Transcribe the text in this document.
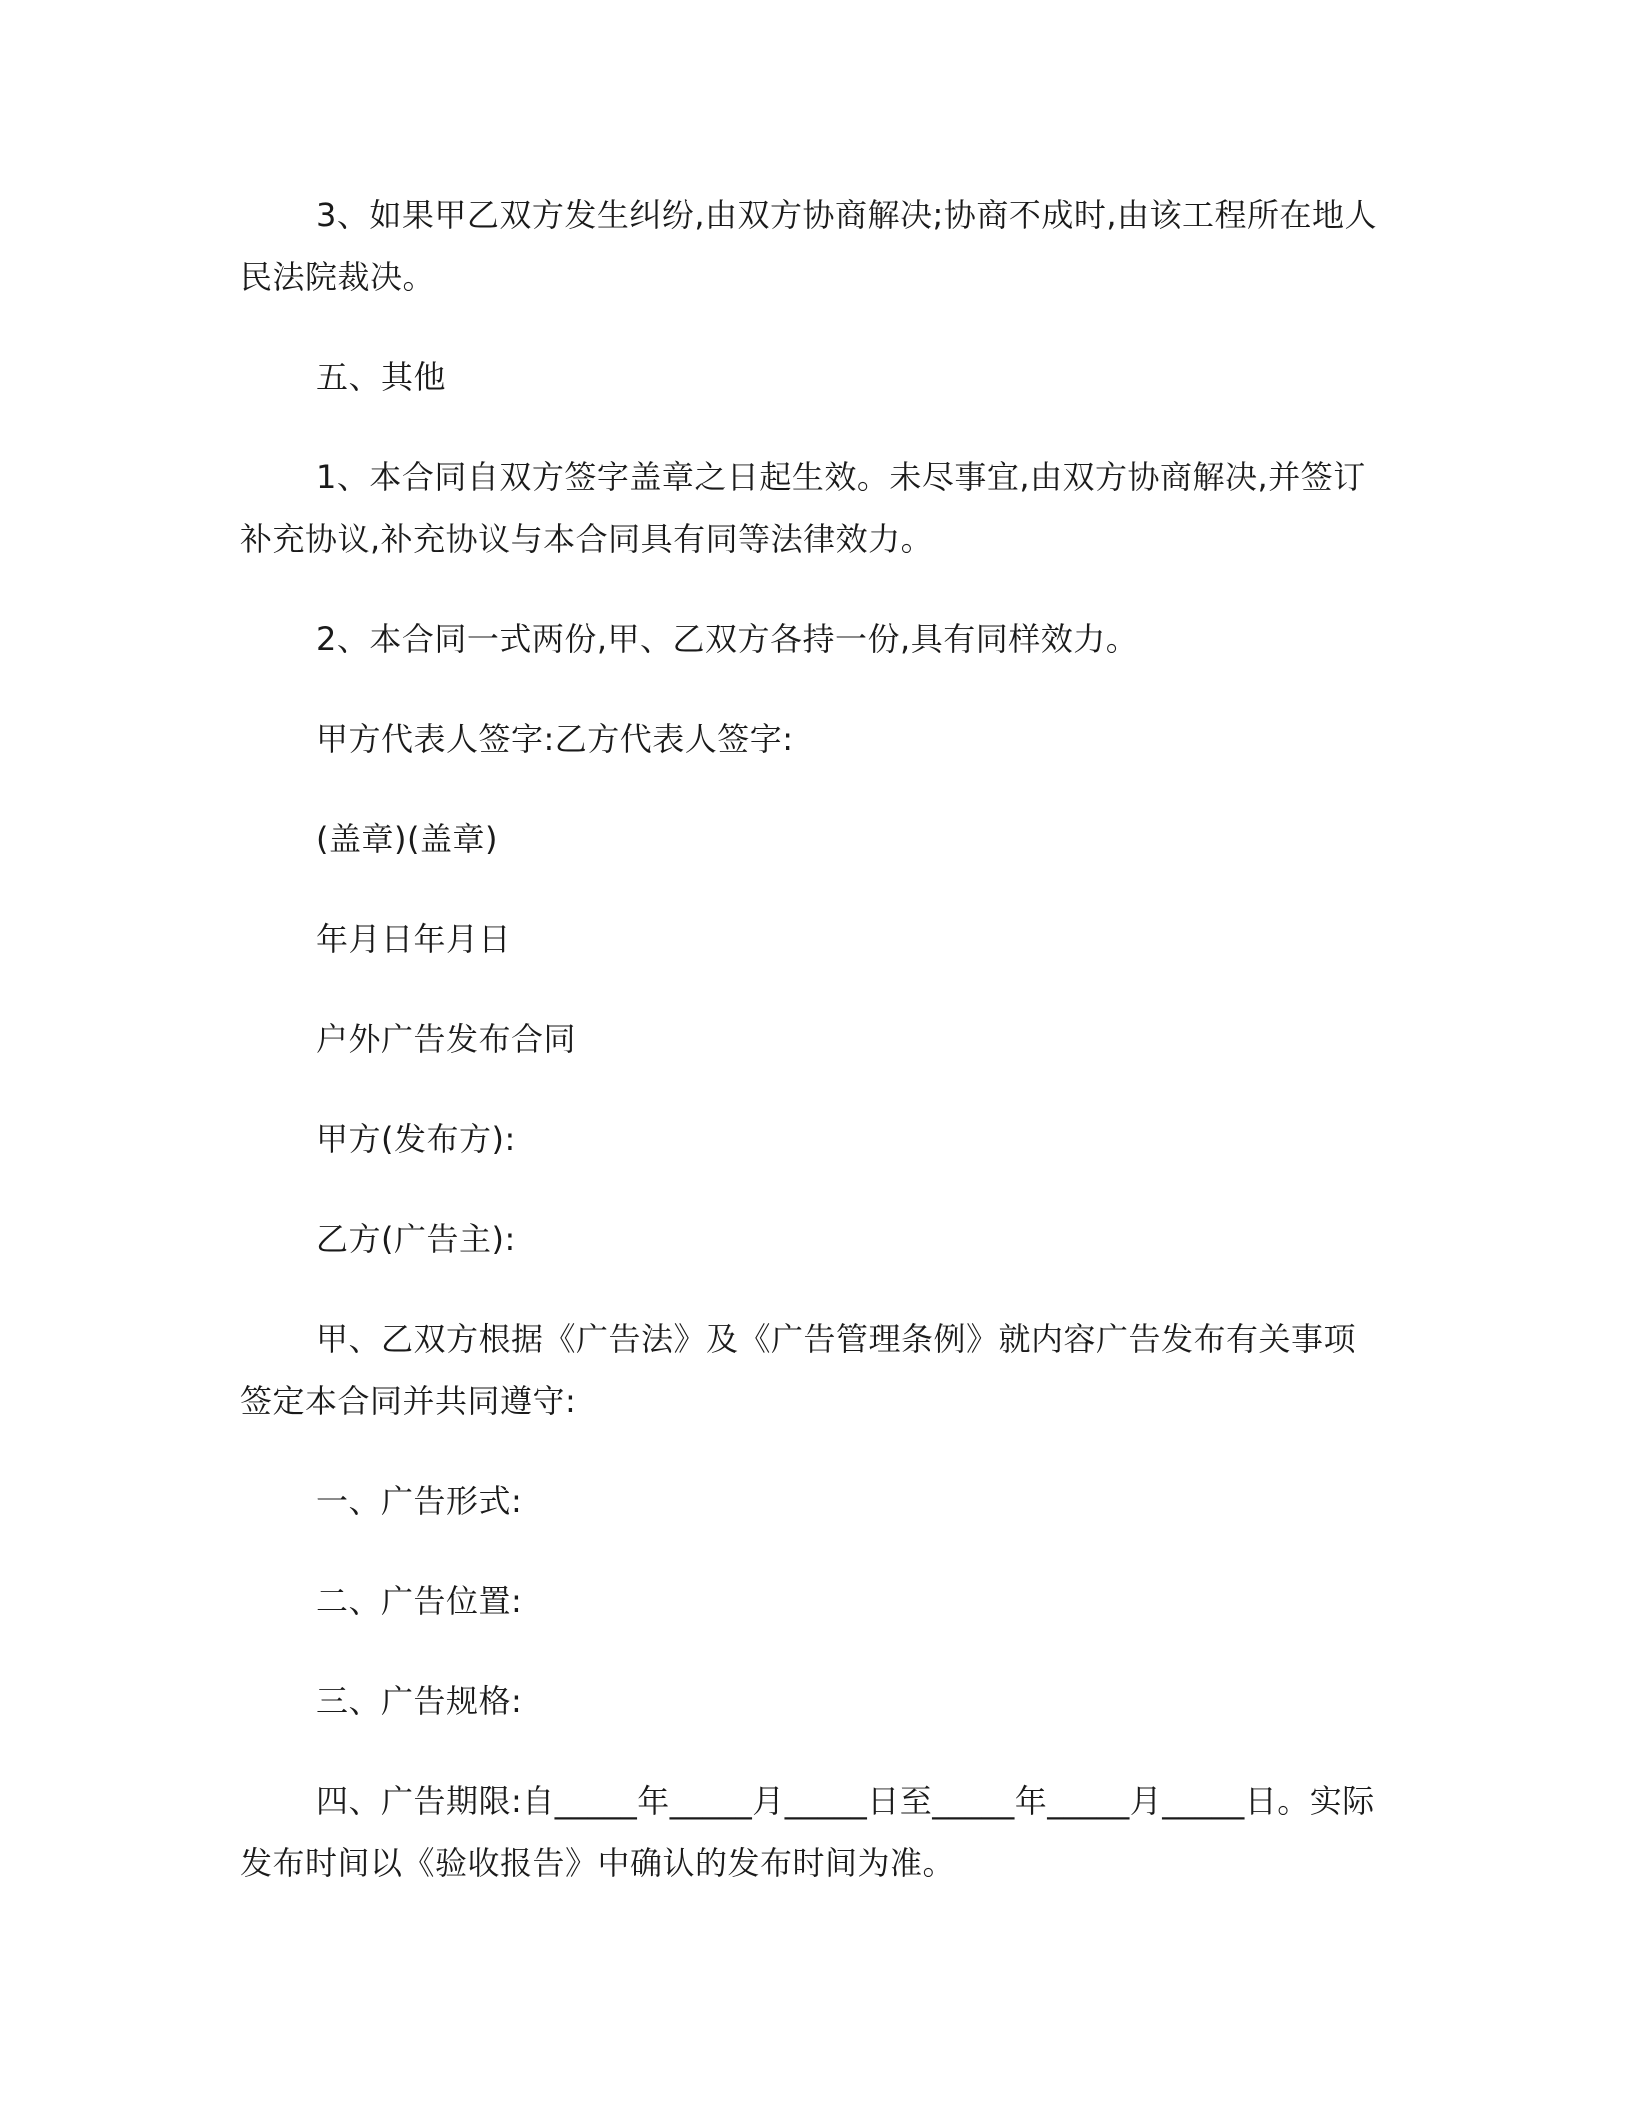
3、如果甲乙双方发生纠纷,由双方协商解决;协商不成时,由该工程所在地人民法院裁决。

五、其他

1、本合同自双方签字盖章之日起生效。未尽事宜,由双方协商解决,并签订补充协议,补充协议与本合同具有同等法律效力。

2、本合同一式两份,甲、乙双方各持一份,具有同样效力。

甲方代表人签字:乙方代表人签字:

(盖章)(盖章)

年月日年月日

户外广告发布合同

甲方(发布方):

乙方(广告主):

甲、乙双方根据《广告法》及《广告管理条例》就内容广告发布有关事项签定本合同并共同遵守:

一、广告形式:

二、广告位置:

三、广告规格:

四、广告期限:自_____年_____月_____日至_____年_____月_____日。实际发布时间以《验收报告》中确认的发布时间为准。
